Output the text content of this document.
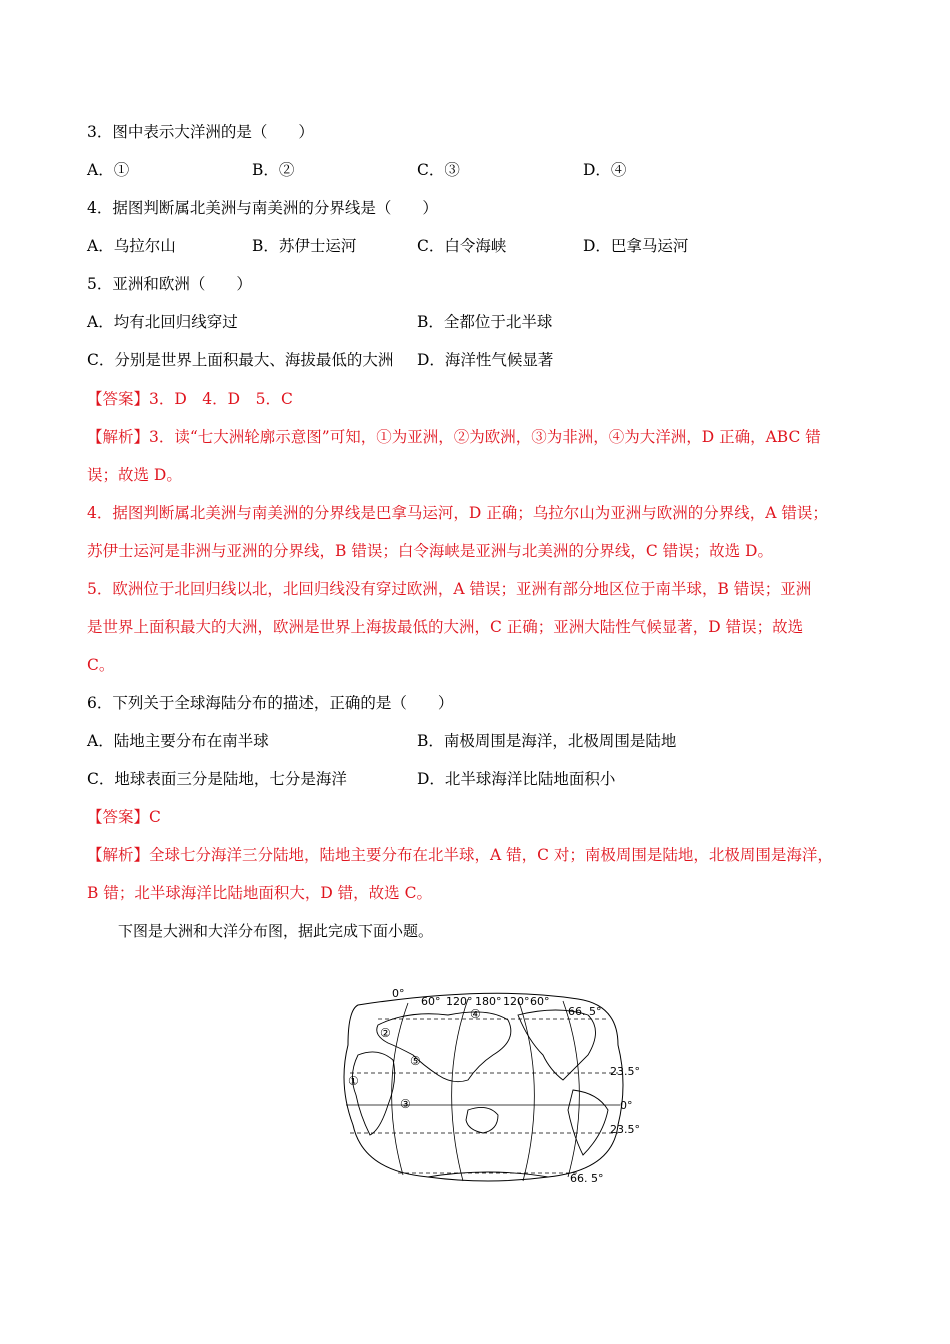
3．图中表示大洋洲的是（　　）
A．①	B．②	C．③	D．④
4．据图判断属北美洲与南美洲的分界线是（　　）
A．乌拉尔山	B．苏伊士运河	C．白令海峡	D．巴拿马运河
5．亚洲和欧洲（　　）
A．均有北回归线穿过	B．全都位于北半球
C．分别是世界上面积最大、海拔最低的大洲 D．海洋性气候显著
【答案】3．D　4．D　5．C
【解析】3．读“七大洲轮廓示意图”可知，①为亚洲，②为欧洲，③为非洲，④为大洋洲，D 正确，ABC 错
误；故选 D。
4．据图判断属北美洲与南美洲的分界线是巴拿马运河，D 正确；乌拉尔山为亚洲与欧洲的分界线，A 错误；
苏伊士运河是非洲与亚洲的分界线，B 错误；白令海峡是亚洲与北美洲的分界线，C 错误；故选 D。
5．欧洲位于北回归线以北，北回归线没有穿过欧洲，A 错误；亚洲有部分地区位于南半球，B 错误；亚洲
是世界上面积最大的大洲，欧洲是世界上海拔最低的大洲，C 正确；亚洲大陆性气候显著，D 错误；故选
C。
6．下列关于全球海陆分布的描述，正确的是（　　）
A．陆地主要分布在南半球	B．南极周围是海洋，北极周围是陆地
C．地球表面三分是陆地，七分是海洋	D．北半球海洋比陆地面积小
【答案】C
【解析】全球七分海洋三分陆地，陆地主要分布在北半球，A 错，C 对；南极周围是陆地，北极周围是海洋，
B 错；北半球海洋比陆地面积大，D 错，故选 C。
下图是大洲和大洋分布图，据此完成下面小题。
0°
60° 120° 180° 120° 60°
66. 5°
23.5°
0°
23.5°
66. 5°
①
②
③
④
⑤
